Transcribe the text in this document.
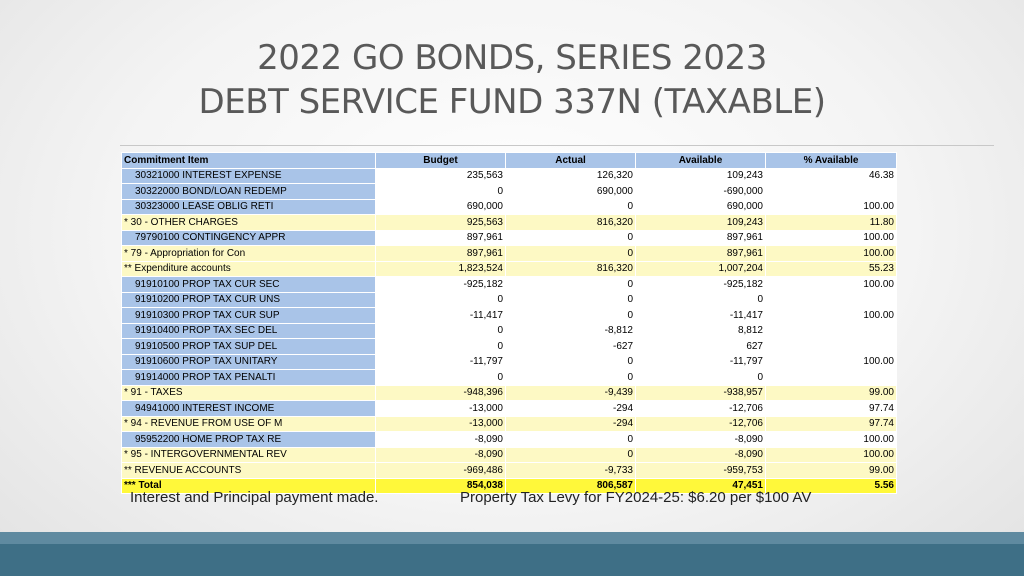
2022 GO BONDS, SERIES 2023
DEBT SERVICE FUND 337N (TAXABLE)
Commitment Item	Budget	Actual	Available	% Available
30321000 INTEREST EXPENSE	235,563	126,320	109,243	46.38
30322000 BOND/LOAN REDEMP	0	690,000	-690,000	
30323000 LEASE OBLIG RETI	690,000	0	690,000	100.00
* 30 - OTHER CHARGES	925,563	816,320	109,243	11.80
79790100 CONTINGENCY APPR	897,961	0	897,961	100.00
* 79 - Appropriation for Con	897,961	0	897,961	100.00
** Expenditure accounts	1,823,524	816,320	1,007,204	55.23
91910100 PROP TAX CUR SEC	-925,182	0	-925,182	100.00
91910200 PROP TAX CUR UNS	0	0	0	
91910300 PROP TAX CUR SUP	-11,417	0	-11,417	100.00
91910400 PROP TAX SEC DEL	0	-8,812	8,812	
91910500 PROP TAX SUP DEL	0	-627	627	
91910600 PROP TAX UNITARY	-11,797	0	-11,797	100.00
91914000 PROP TAX PENALTI	0	0	0	
* 91 - TAXES	-948,396	-9,439	-938,957	99.00
94941000 INTEREST INCOME	-13,000	-294	-12,706	97.74
* 94 - REVENUE FROM USE OF M	-13,000	-294	-12,706	97.74
95952200 HOME PROP TAX RE	-8,090	0	-8,090	100.00
* 95 - INTERGOVERNMENTAL REV	-8,090	0	-8,090	100.00
** REVENUE ACCOUNTS	-969,486	-9,733	-959,753	99.00
*** Total	854,038	806,587	47,451	5.56
Interest and Principal payment made.	Property Tax Levy for FY2024-25: $6.20 per $100 AV
